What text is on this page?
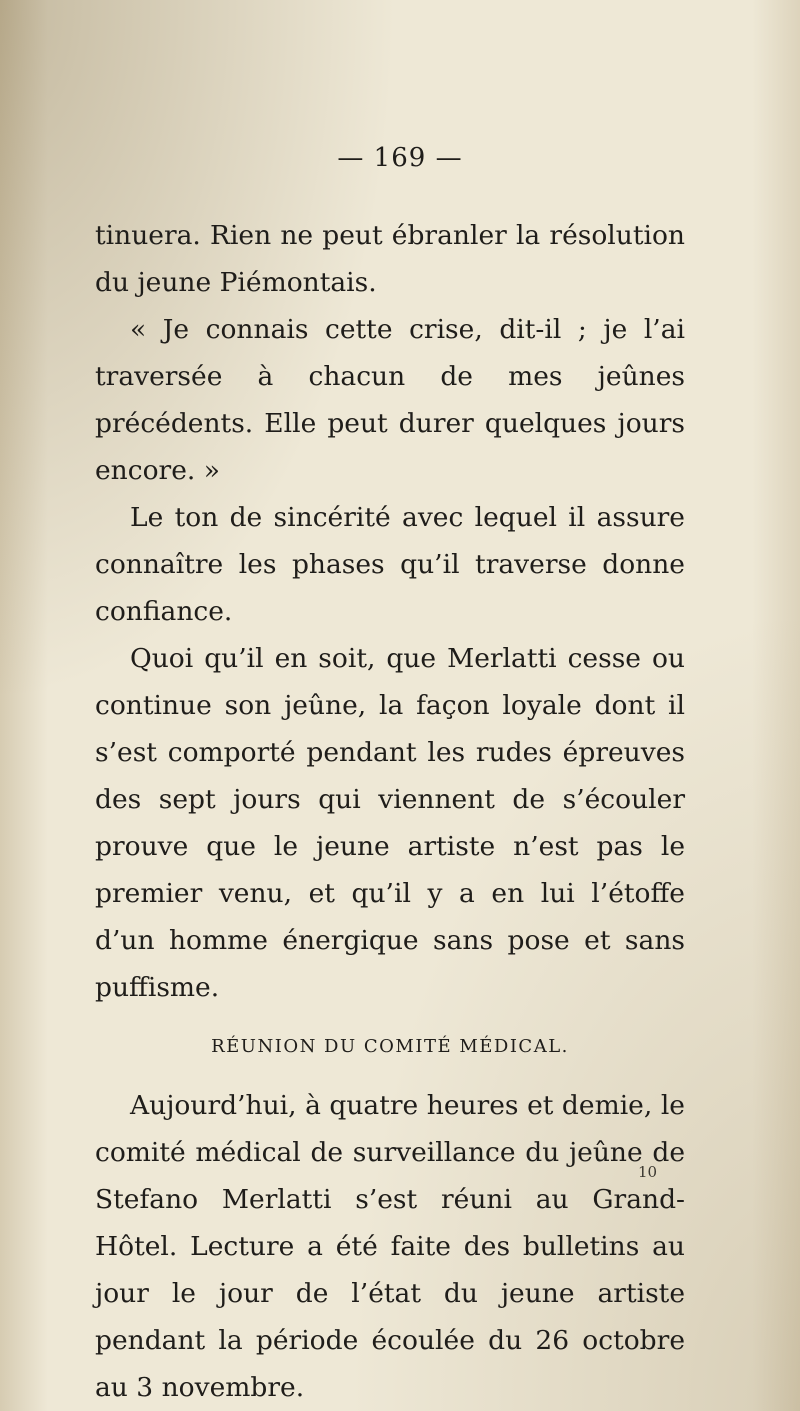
— 169 —

tinuera. Rien ne peut ébranler la résolution du jeune Piémontais.

« Je connais cette crise, dit-il ; je l’ai traversée à chacun de mes jeûnes précédents. Elle peut durer quelques jours encore. »

Le ton de sincérité avec lequel il assure connaître les phases qu’il traverse donne confiance.

Quoi qu’il en soit, que Merlatti cesse ou continue son jeûne, la façon loyale dont il s’est comporté pendant les rudes épreuves des sept jours qui viennent de s’écouler prouve que le jeune artiste n’est pas le premier venu, et qu’il y a en lui l’étoffe d’un homme énergique sans pose et sans puffisme.

RÉUNION DU COMITÉ MÉDICAL.

Aujourd’hui, à quatre heures et demie, le comité médical de surveillance du jeûne de Stefano Merlatti s’est réuni au Grand-Hôtel. Lecture a été faite des bulletins au jour le jour de l’état du jeune artiste pendant la période écoulée du 26 octobre au 3 novembre.

10
